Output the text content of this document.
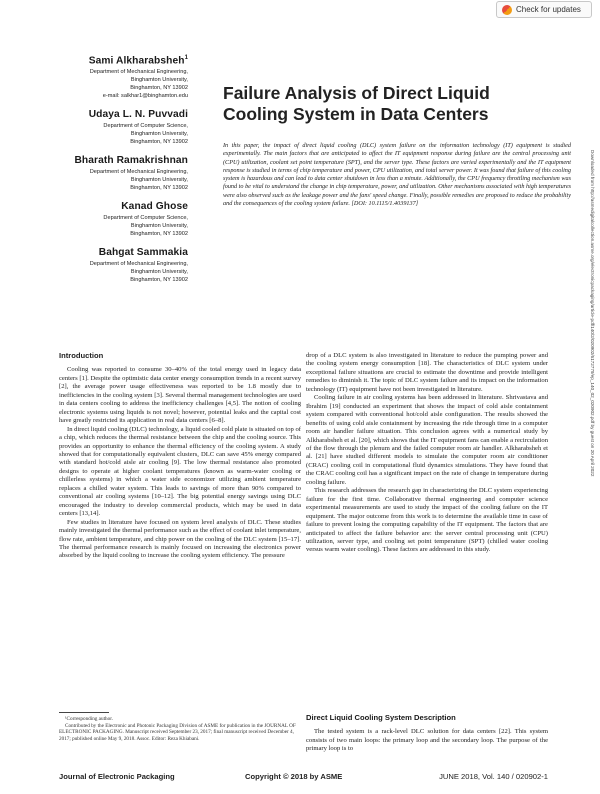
Check for updates
Sami Alkharabsheh$^1$
Department of Mechanical Engineering,
Binghamton University,
Binghamton, NY 13902
e-mail: salkhar1@binghamton.edu
Udaya L. N. Puvvadi
Department of Computer Science,
Binghamton University,
Binghamton, NY 13902
Bharath Ramakrishnan
Department of Mechanical Engineering,
Binghamton University,
Binghamton, NY 13902
Kanad Ghose
Department of Computer Science,
Binghamton University,
Binghamton, NY 13902
Bahgat Sammakia
Department of Mechanical Engineering,
Binghamton University,
Binghamton, NY 13902
Failure Analysis of Direct Liquid Cooling System in Data Centers
In this paper, the impact of direct liquid cooling (DLC) system failure on the information technology (IT) equipment is studied experimentally. The main factors that are anticipated to affect the IT equipment response during failure are the central processing unit (CPU) utilization, coolant set point temperature (SPT), and the server type. These factors are varied experimentally and the IT equipment response is studied in terms of chip temperature and power, CPU utilization, and total server power. It was found that failure of this cooling system is hazardous and can lead to data center shutdown in less than a minute. Additionally, the CPU frequency throttling mechanism was found to be vital to understand the change in chip temperature, power, and utilization. Other mechanisms associated with high temperatures were also observed such as the leakage power and the fans' speed change. Finally, possible remedies are proposed to reduce the probability and the consequences of the cooling system failure. [DOI: 10.1115/1.4039137]	Downloaded from http://asmedigitalcollection.asme.org/electronicpackaging/article-pdf/140/2/020902/6172779/ep_140_02_020902.pdf by guest on 20 April 2022
Introduction

Cooling was reported to consume 30–40% of the total energy used in legacy data centers [1]. Despite the optimistic data center energy consumption trends in a recent survey [2], the average power usage effectiveness was reported to be 1.8 mostly due to inefficiencies in the cooling system [3]. Several thermal management technologies are used in data centers cooling to address the inefficiency challenges [4,5]. The notion of cooling electronic systems using liquids is not novel; however, potential leaks and the capital cost have greatly restricted its application in real data centers [6–8].

In direct liquid cooling (DLC) technology, a liquid cooled cold plate is situated on top of a chip, which reduces the thermal resistance between the chip and the cooling source. This provides an opportunity to enhance the thermal efficiency of the cooling system. A study showed that for computationally equivalent clusters, DLC can save 45% energy compared with standard hot/cold aisle air cooling [9]. The low thermal resistance also promoted designs to operate at higher coolant temperatures (known as warm-water cooling or chillerless systems) in which a water side economizer utilizing ambient temperature replaces a chilled water system. This leads to savings of more than 90% compared to conventional air cooling systems [10–12]. The big potential energy savings using DLC encouraged the industry to develop commercial products, which may be used in data centers [13,14].

Few studies in literature have focused on system level analysis of DLC. These studies mainly investigated the thermal performance such as the effect of coolant inlet temperature, flow rate, ambient temperature, and chip power on the cooling of the DLC system [15–17]. The thermal performance research is mainly focused on increasing the electronics power absorbed by the liquid cooling to increase the cooling system efficiency. The pressure

drop of a DLC system is also investigated in literature to reduce the pumping power and the cooling system energy consumption [18]. The characteristics of DLC system under exceptional failure situations are crucial to estimate the downtime and provide intelligent remedies to diminish it. The topic of DLC system failure and its impact on the information technology (IT) equipment have not been investigated in literature.

Cooling failure in air cooling systems has been addressed in literature. Shrivastava and Ibrahim [19] conducted an experiment that shows the impact of cold aisle containment system compared with conventional hot/cold aisle configuration. The results showed the benefits of using cold aisle containment by increasing the ride through time in a computer room air handler failure situation. This conclusion agrees with a numerical study by Alkharabsheh et al. [20], which shows that the IT equipment fans can enable a recirculation of the flow through the plenum and the failed computer room air handler. Alkharabsheh et al. [21] have studied different models to simulate the computer room air conditioner (CRAC) cooling coil in computational fluid dynamics simulations. They have found that the CRAC cooling coil has a significant impact on the rate of change in temperature during cooling failure.

This research addresses the research gap in characterizing the DLC system experiencing failure for the first time. Collaborative thermal engineering and computer science experimental measurements are used to study the impact of the cooling failure on the IT equipment. The major outcome from this work is to determine the available time in case of failure to prevent losing the computing capability of the IT equipment. The factors that are anticipated to affect the failure behavior are: the server central processing unit (CPU) utilization, server type, and cooling set point temperature (SPT) (chilled water cooling versus warm water cooling). These factors are addressed in this study.

¹Corresponding author.

Contributed by the Electronic and Photonic Packaging Division of ASME for publication in the JOURNAL OF ELECTRONIC PACKAGING. Manuscript received September 23, 2017; final manuscript received December 4, 2017; published online May 9, 2018. Assoc. Editor: Reza Khiabani.

Direct Liquid Cooling System Description

The tested system is a rack-level DLC solution for data centers [22]. This system consists of two main loops: the primary loop and the secondary loop. The purpose of the primary loop is to

Journal of Electronic Packaging	Copyright © 2018 by ASME	JUNE 2018, Vol. 140 / 020902-1
